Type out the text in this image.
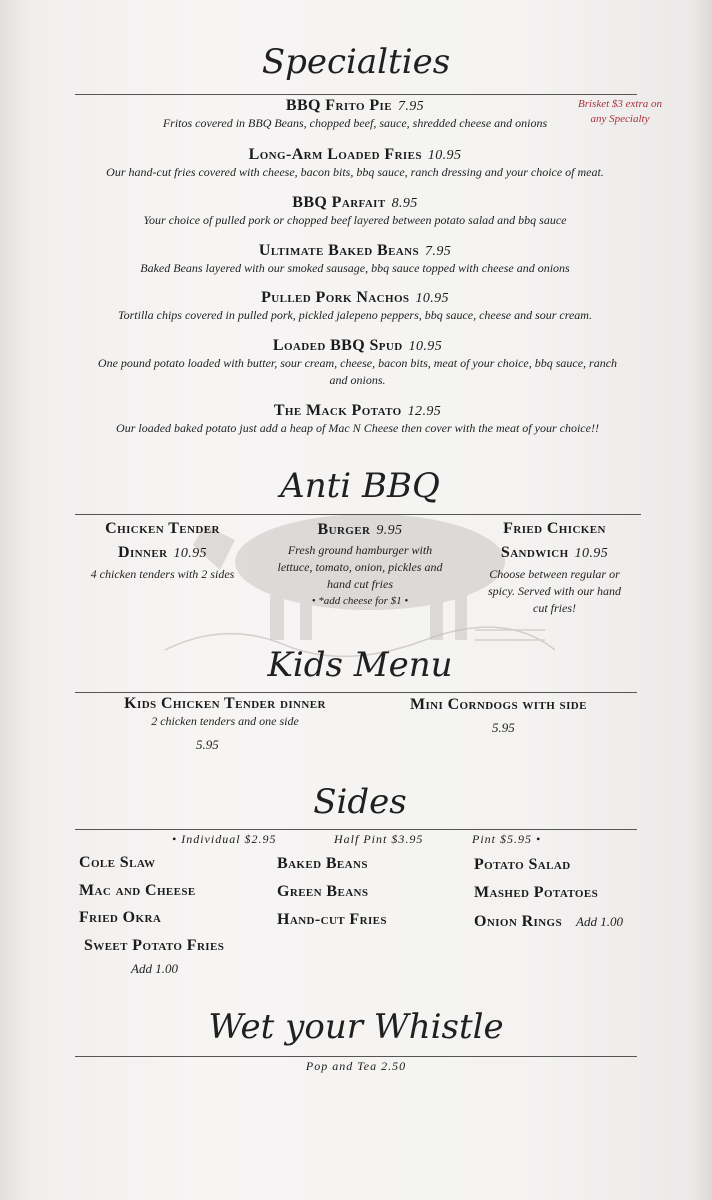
Specialties
Brisket $3 extra on any Specialty
BBQ Frito Pie 7.95
Fritos covered in BBQ Beans, chopped beef, sauce, shredded cheese and onions
Long-Arm Loaded Fries 10.95
Our hand-cut fries covered with cheese, bacon bits, bbq sauce, ranch dressing and your choice of meat.
BBQ Parfait 8.95
Your choice of pulled pork or chopped beef layered between potato salad and bbq sauce
Ultimate Baked Beans 7.95
Baked Beans layered with our smoked sausage, bbq sauce topped with cheese and onions
Pulled Pork Nachos 10.95
Tortilla chips covered in pulled pork, pickled jalepeno peppers, bbq sauce, cheese and sour cream.
Loaded BBQ Spud 10.95
One pound potato loaded with butter, sour cream, cheese, bacon bits, meat of your choice, bbq sauce, ranch and onions.
The Mack Potato 12.95
Our loaded baked potato just add a heap of Mac N Cheese then cover with the meat of your choice!!
Anti BBQ
Chicken Tender
Dinner 10.95
4 chicken tenders with 2 sides
Burger 9.95
Fresh ground hamburger with lettuce, tomato, onion, pickles and hand cut fries
• *add cheese for $1 •
Fried Chicken
Sandwich 10.95
Choose between regular or spicy. Served with our hand cut fries!
Kids Menu
Kids Chicken Tender dinner
2 chicken tenders and one side
5.95
Mini Corndogs with side
5.95
Sides
• Individual $2.95	Half Pint $3.95	Pint $5.95 •
Cole Slaw
Mac and Cheese
Fried Okra
Sweet Potato Fries
Add 1.00
Baked Beans
Green Beans
Hand-cut Fries
Potato Salad
Mashed Potatoes
Onion Rings Add 1.00
Wet your Whistle
Pop and Tea 2.50
